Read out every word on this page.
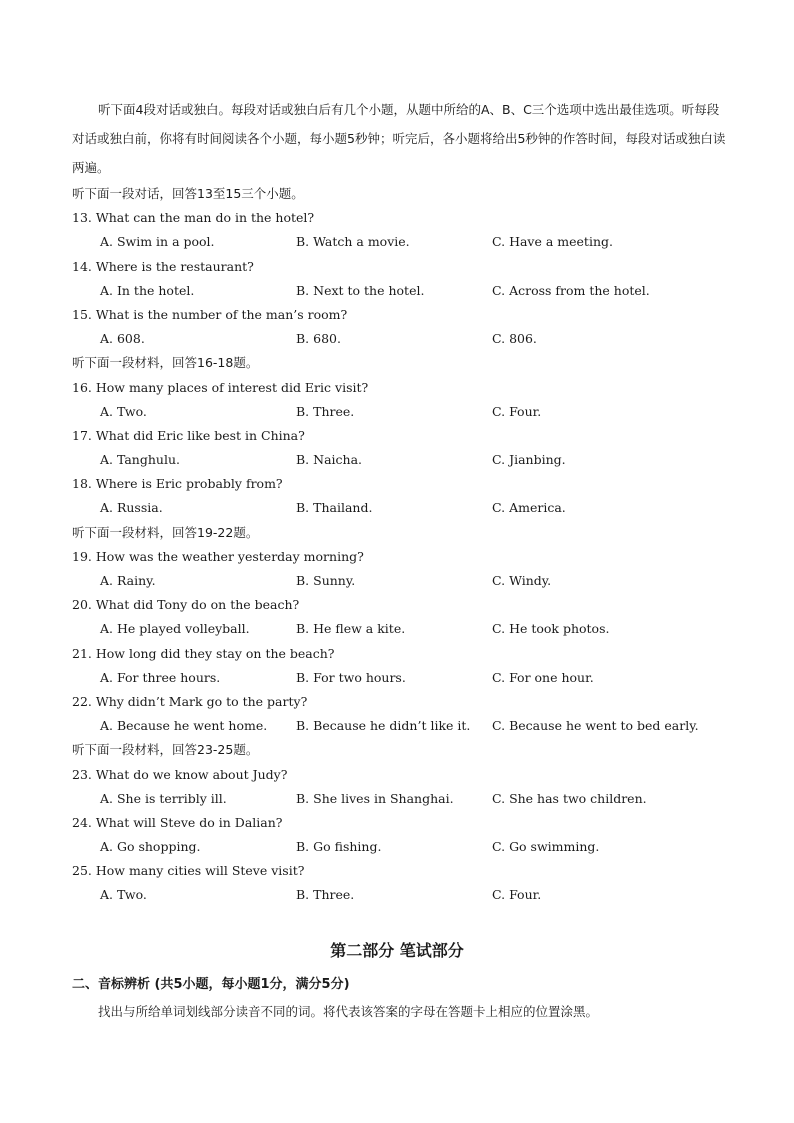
听下面4段对话或独白。每段对话或独白后有几个小题，从题中所给的A、B、C三个选项中选出最佳选项。听每段对话或独白前，你将有时间阅读各个小题，每小题5秒钟；听完后，各小题将给出5秒钟的作答时间，每段对话或独白读两遍。

听下面一段对话，回答13至15三个小题。
13. What can the man do in the hotel?
A. Swim in a pool.	B. Watch a movie.	C. Have a meeting.
14. Where is the restaurant?
A. In the hotel.	B. Next to the hotel.	C. Across from the hotel.
15. What is the number of the man’s room?
A. 608.	B. 680.	C. 806.
听下面一段材料，回答16-18题。
16. How many places of interest did Eric visit?
A. Two.	B. Three.	C. Four.
17. What did Eric like best in China?
A. Tanghulu.	B. Naicha.	C. Jianbing.
18. Where is Eric probably from?
A. Russia.	B. Thailand.	C. America.
听下面一段材料，回答19-22题。
19. How was the weather yesterday morning?
A. Rainy.	B. Sunny.	C. Windy.
20. What did Tony do on the beach?
A. He played volleyball.	B. He flew a kite.	C. He took photos.
21. How long did they stay on the beach?
A. For three hours.	B. For two hours.	C. For one hour.
22. Why didn’t Mark go to the party?
A. Because he went home.	B. Because he didn’t like it.	C. Because he went to bed early.
听下面一段材料，回答23-25题。
23. What do we know about Judy?
A. She is terribly ill.	B. She lives in Shanghai.	C. She has two children.
24. What will Steve do in Dalian?
A. Go shopping.	B. Go fishing.	C. Go swimming.
25. How many cities will Steve visit?
A. Two.	B. Three.	C. Four.
第二部分 笔试部分
二、音标辨析 (共5小题，每小题1分，满分5分)
找出与所给单词划线部分读音不同的词。将代表该答案的字母在答题卡上相应的位置涂黑。
